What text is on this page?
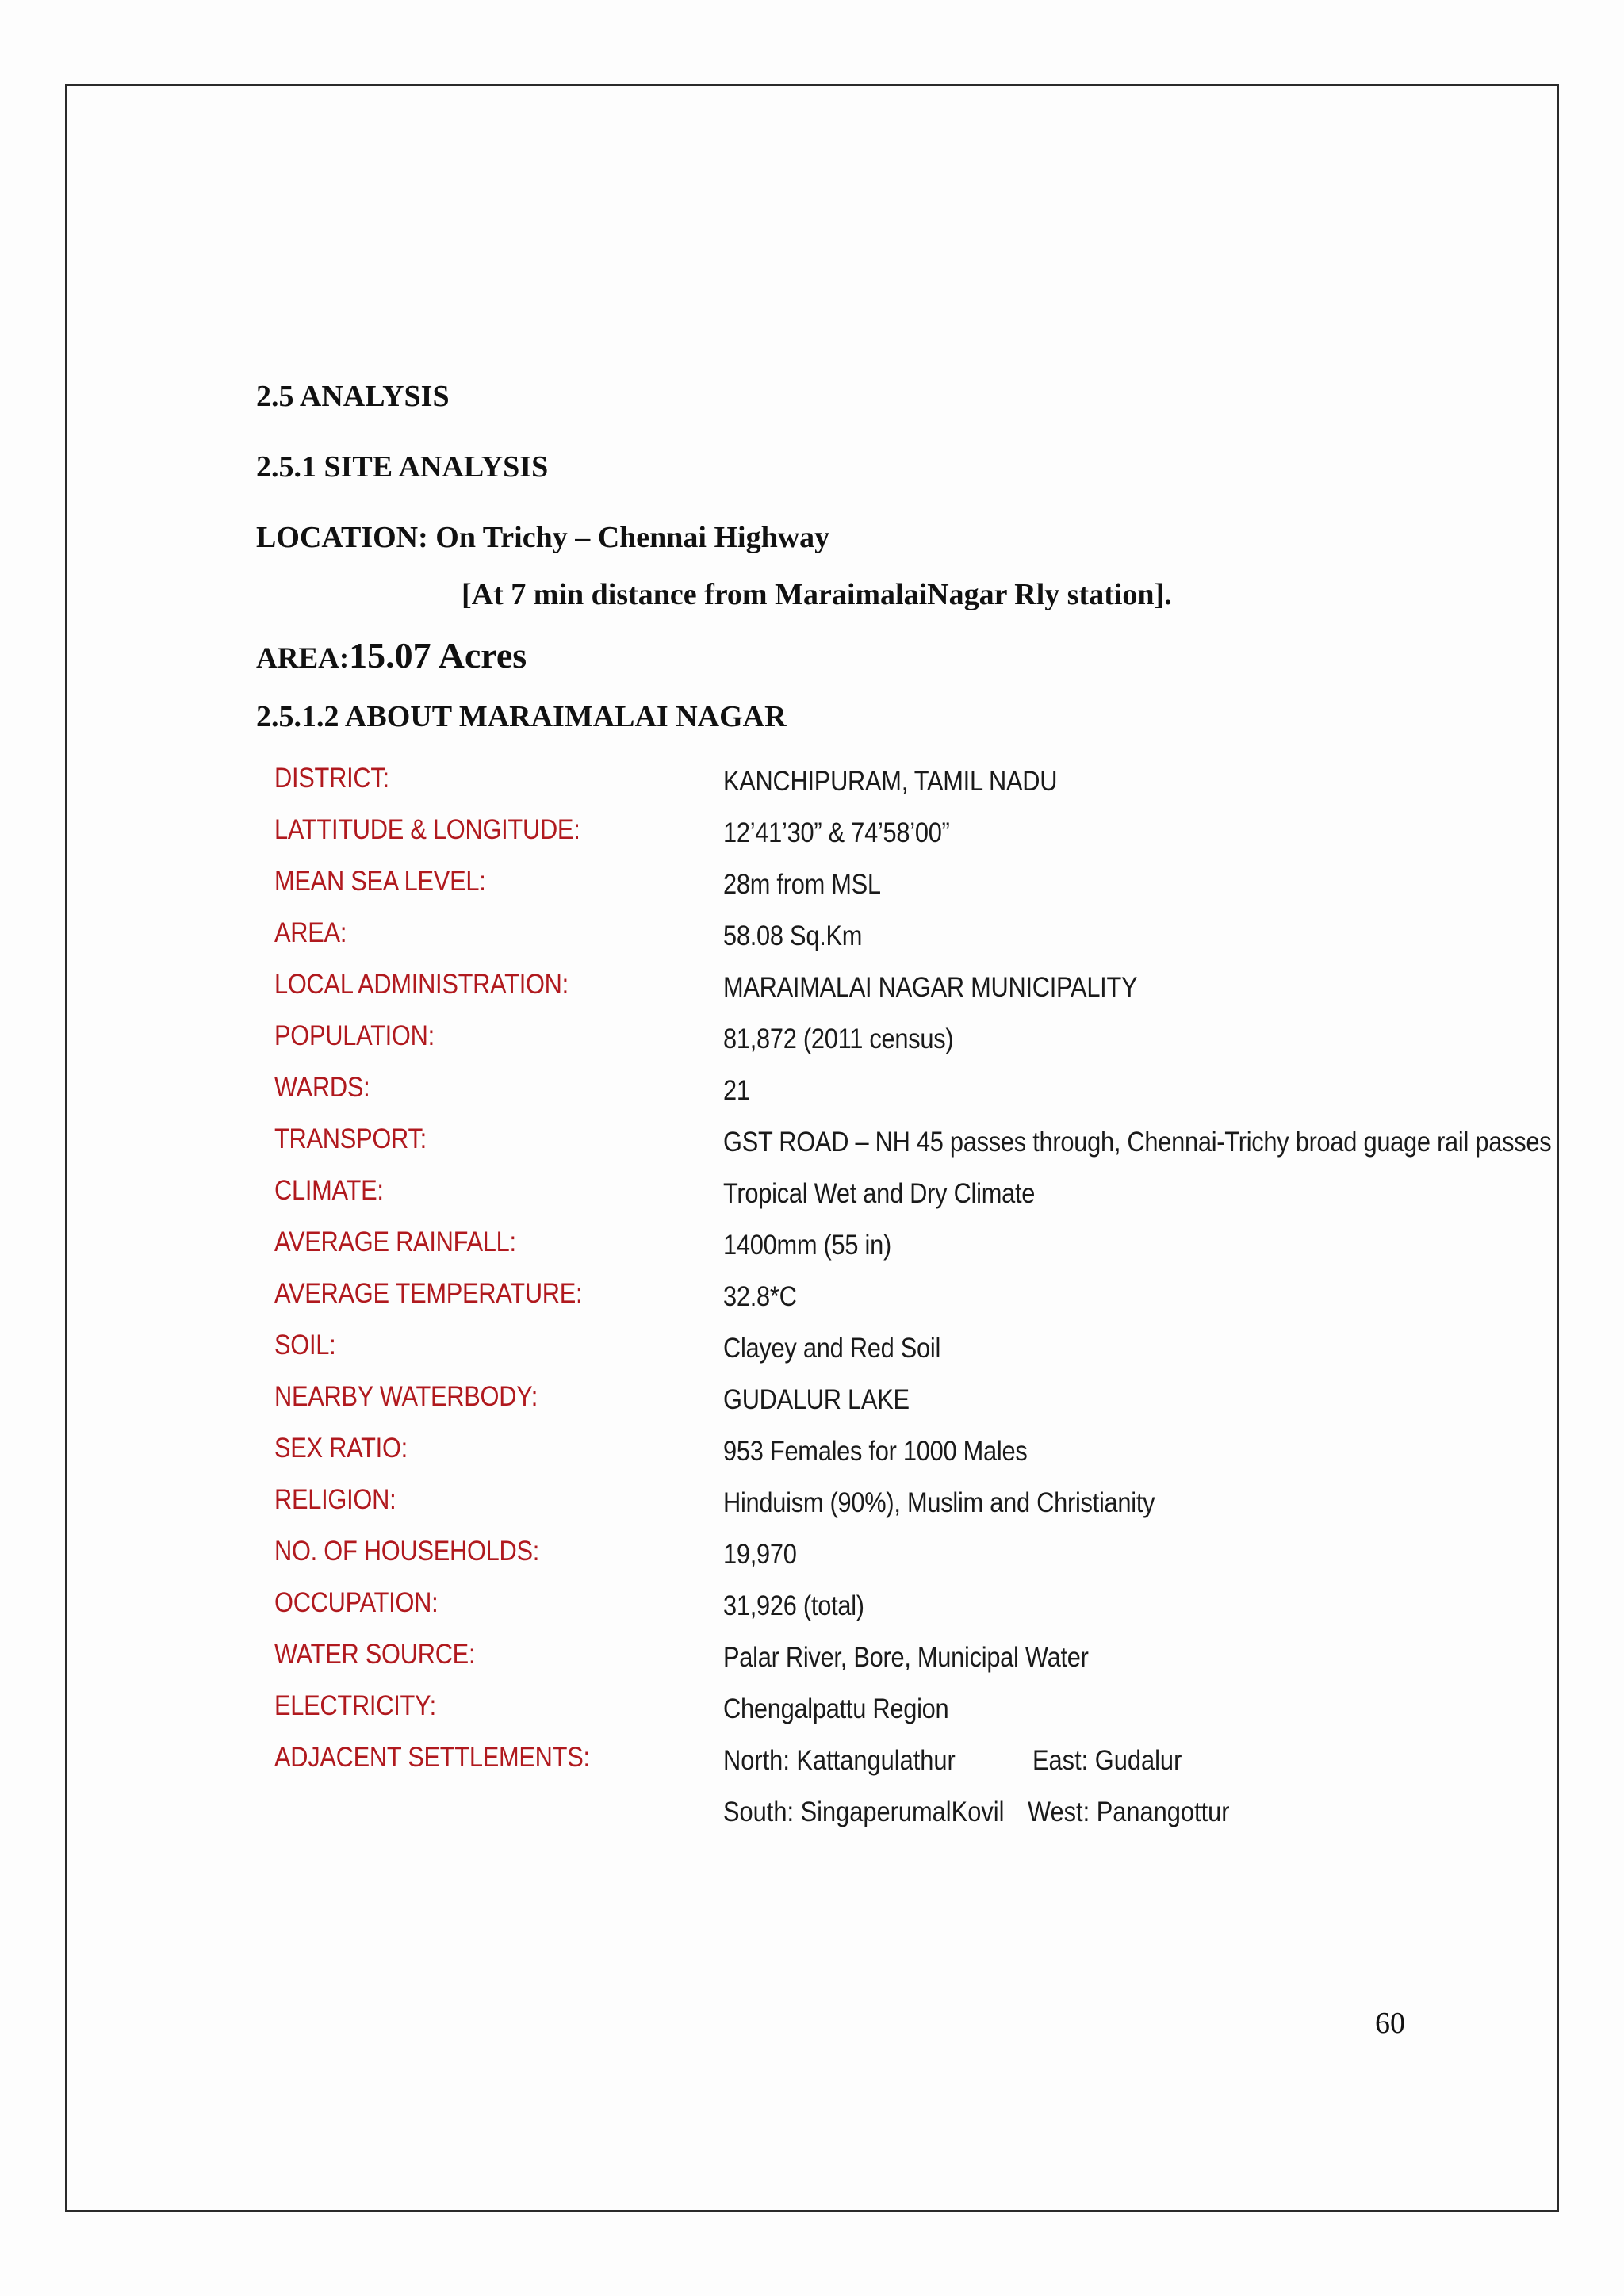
2.5 ANALYSIS
2.5.1 SITE ANALYSIS
LOCATION: On Trichy – Chennai Highway
[At 7 min distance from MaraimalaiNagar Rly station].
AREA:15.07 Acres
2.5.1.2 ABOUT MARAIMALAI NAGAR
DISTRICT:	KANCHIPURAM, TAMIL NADU
LATTITUDE & LONGITUDE:	12’41’30” & 74’58’00”
MEAN SEA LEVEL:	28m from MSL
AREA:	58.08 Sq.Km
LOCAL ADMINISTRATION:	MARAIMALAI NAGAR MUNICIPALITY
POPULATION:	81,872 (2011 census)
WARDS:	21
TRANSPORT:	GST ROAD – NH 45 passes through, Chennai-Trichy broad guage rail passes
CLIMATE:	Tropical Wet and Dry Climate
AVERAGE RAINFALL:	1400mm (55 in)
AVERAGE TEMPERATURE:	32.8*C
SOIL:	Clayey and Red Soil
NEARBY WATERBODY:	GUDALUR LAKE
SEX RATIO:	953 Females for 1000 Males
RELIGION:	Hinduism (90%), Muslim and Christianity
NO. OF HOUSEHOLDS:	19,970
OCCUPATION:	31,926 (total)
WATER SOURCE:	Palar River, Bore, Municipal Water
ELECTRICITY:	Chengalpattu Region
ADJACENT SETTLEMENTS:	North: Kattangulathur	East: Gudalur
South: SingaperumalKovil West: Panangottur
60
